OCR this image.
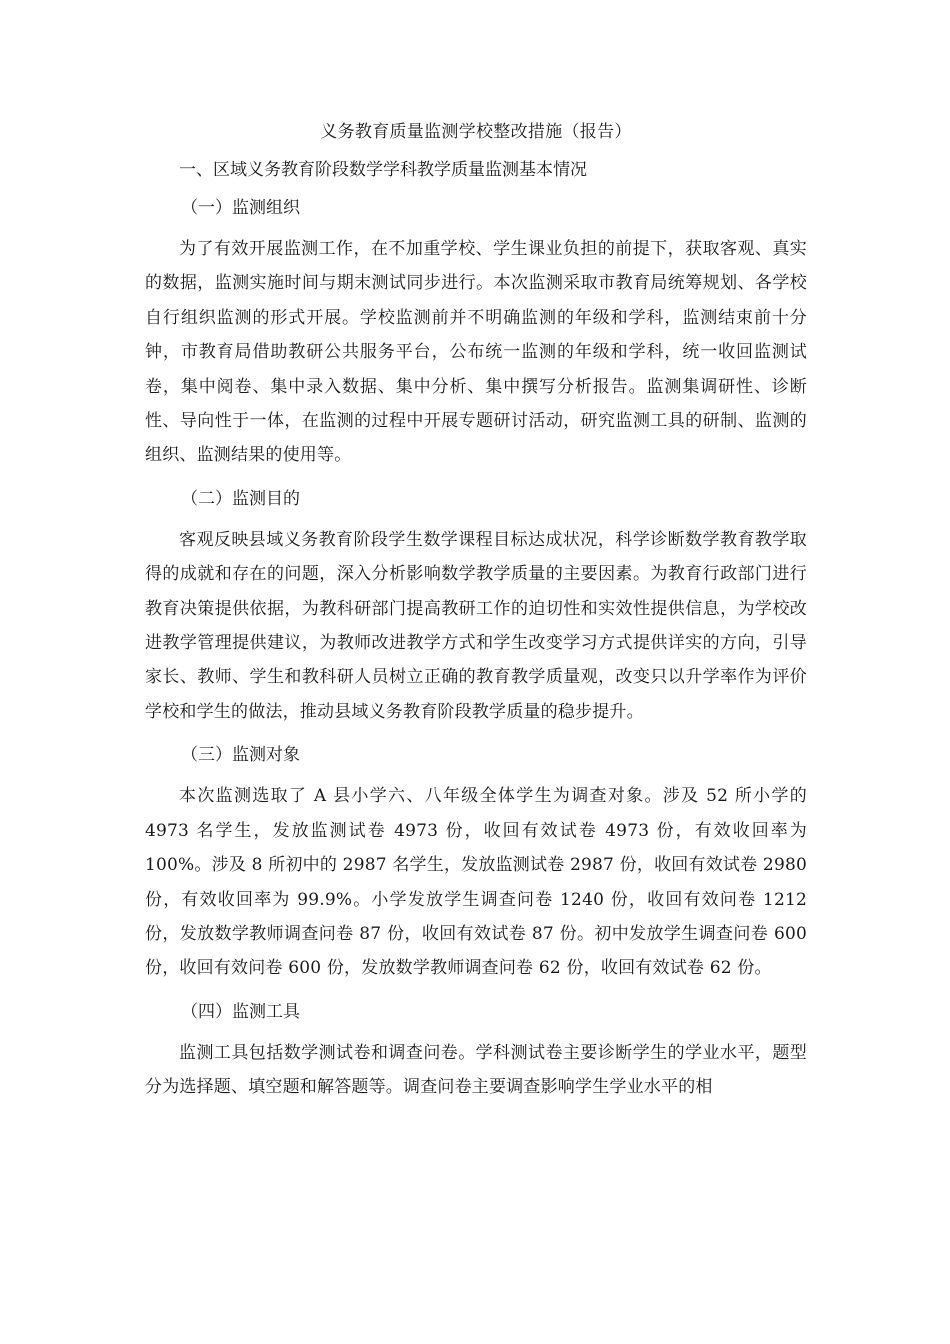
义务教育质量监测学校整改措施（报告）
一、区域义务教育阶段数学学科教学质量监测基本情况
（一）监测组织

为了有效开展监测工作，在不加重学校、学生课业负担的前提下，获取客观、真实的数据，监测实施时间与期末测试同步进行。本次监测采取市教育局统筹规划、各学校自行组织监测的形式开展。学校监测前并不明确监测的年级和学科，监测结束前十分钟，市教育局借助教研公共服务平台，公布统一监测的年级和学科，统一收回监测试卷，集中阅卷、集中录入数据、集中分析、集中撰写分析报告。监测集调研性、诊断性、导向性于一体，在监测的过程中开展专题研讨活动，研究监测工具的研制、监测的组织、监测结果的使用等。

（二）监测目的

客观反映县域义务教育阶段学生数学课程目标达成状况，科学诊断数学教育教学取得的成就和存在的问题，深入分析影响数学教学质量的主要因素。为教育行政部门进行教育决策提供依据，为教科研部门提高教研工作的迫切性和实效性提供信息，为学校改进教学管理提供建议，为教师改进教学方式和学生改变学习方式提供详实的方向，引导家长、教师、学生和教科研人员树立正确的教育教学质量观，改变只以升学率作为评价学校和学生的做法，推动县域义务教育阶段教学质量的稳步提升。

（三）监测对象

本次监测选取了 A 县小学六、八年级全体学生为调查对象。涉及 52 所小学的 4973 名学生，发放监测试卷 4973 份，收回有效试卷 4973 份，有效收回率为 100%。涉及 8 所初中的 2987 名学生，发放监测试卷 2987 份，收回有效试卷 2980 份，有效收回率为 99.9%。小学发放学生调查问卷 1240 份，收回有效问卷 1212 份，发放数学教师调查问卷 87 份，收回有效试卷 87 份。初中发放学生调查问卷 600 份，收回有效问卷 600 份，发放数学教师调查问卷 62 份，收回有效试卷 62 份。

（四）监测工具

监测工具包括数学测试卷和调查问卷。学科测试卷主要诊断学生的学业水平，题型分为选择题、填空题和解答题等。调查问卷主要调查影响学生学业水平的相
